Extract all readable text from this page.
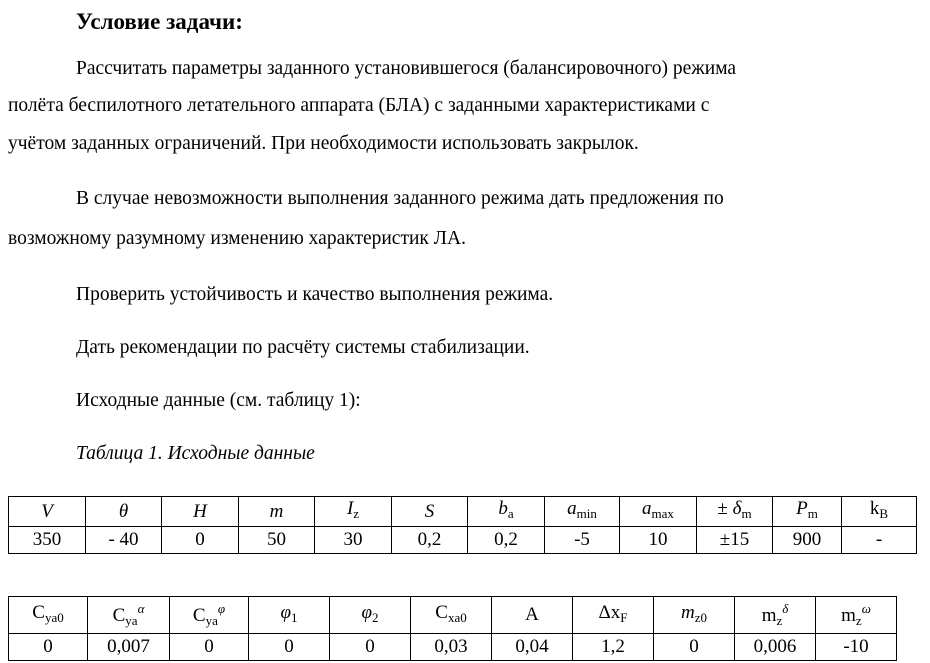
Условие задачи:
Рассчитать параметры заданного установившегося (балансировочного) режима
полёта беспилотного летательного аппарата (БЛА) с заданными характеристиками с
учётом заданных ограничений. При необходимости использовать закрылок.
В случае невозможности выполнения заданного режима дать предложения по
возможному разумному изменению характеристик ЛА.
Проверить устойчивость и качество выполнения режима.
Дать рекомендации по расчёту системы стабилизации.
Исходные данные (см. таблицу 1):
Таблица 1. Исходные данные
V	θ	H	m	$I_z$	S	$b_a$	$a_{min}$	$a_{max}$	± $\delta_m$	$P_m$	$k_B$
350	- 40	0	50	30	0,2	0,2	-5	10	±15	900	-
$C_{ya0}$	$C_{ya}^\alpha$	$C_{ya}^\varphi$	$\varphi_1$	$\varphi_2$	$C_{xa0}$	A	$\Delta x_F$	$m_{z0}$	$m_z^\delta$	$m_z^\omega$
0	0,007	0	0	0	0,03	0,04	1,2	0	0,006	-10
